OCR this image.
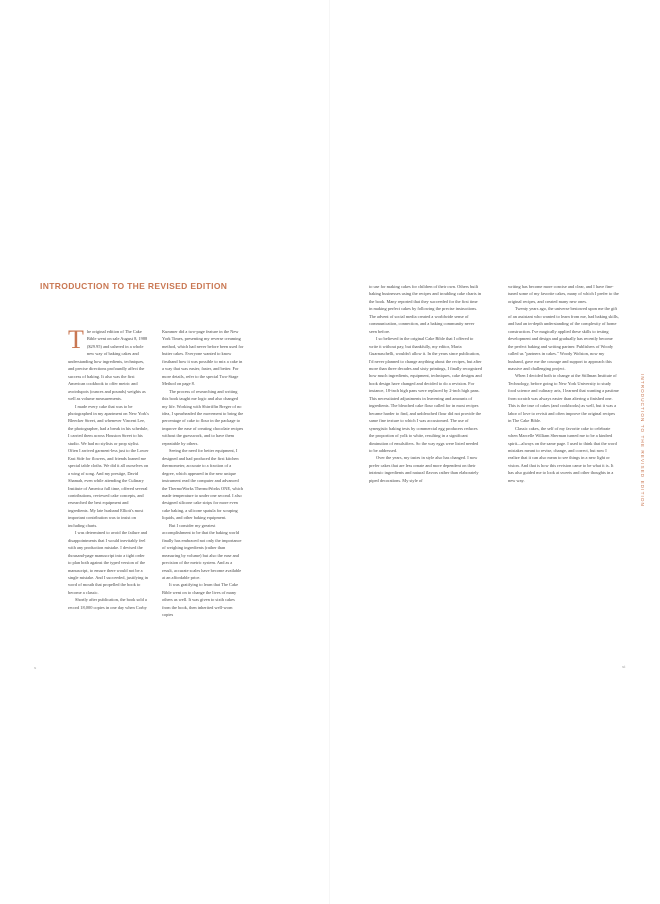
INTRODUCTION TO THE REVISED EDITION
T he original edition of The Cake Bible went on sale August 8, 1988 ($29.95) and ushered in a whole new way of baking cakes and understanding how ingredients, techniques, and precise directions profoundly affect the success of baking. It also was the first American cookbook to offer metric and avoirdupois (ounces and pounds) weights as well as volume measurements.

I made every cake that was to be photographed in my apartment on New York's Bleecker Street, and whenever Vincent Lee, the photographer, had a break in his schedule, I carried them across Houston Street to his studio. We had no stylists or prop stylist. Often I arrived garment-less just to the Lower East Side for flowers, and friends loaned me special table cloths. We did it all ourselves on a wing of song. And my prestige, David Shamah, even while attending the Culinary Institute of America full time, offered several contributions, reviewed cake concepts, and researched the best equipment and ingredients. My late husband Elliott's most important contribution was to insist on including charts.

I was determined to avoid the failure and disappointments that I would inevitably feel with any production mistake. I devised the thousand-page manuscript into a tight order to plan both against the typed version of the manuscript, to ensure there would not be a single mistake. And I succeeded, justifying in word of mouth that propelled the book to become a classic.

Shortly after publication, the book sold a record 18,000 copies in one day when Corby

Kummer did a two-page feature in the New York Times, presenting my reverse creaming method, which had never before been used for butter cakes. Everyone wanted to know firsthand how it was possible to mix a cake in a way that was easier, faster, and better. For more details, refer to the special Two-Stage Method on page 8.

The process of researching and writing this book taught me logic and also changed my life. Working with Shirriffin Breger of no idea, I spearheaded the movement to bring the percentage of cake to flour in the package to improve the ease of creating chocolate recipes without the guesswork, and to have them repeatable by others.

Seeing the need for better equipment, I designed and had produced the first kitchen thermometer, accurate to a fraction of a degree, which appeared in the new unique instrument read the computer and advanced the ThermoWorks ThermoWorks ONE, which made temperature to under one second. I also designed silicone cake strips for more even cake baking, a silicone spatula for scraping liquids, and other baking equipment.

But I consider my greatest accomplishment to be that the baking world finally has embraced not only the importance of weighing ingredients (rather than measuring by volume) but also the ease and precision of the metric system. And as a result, accurate scales have become available at an affordable price.

It was gratifying to learn that The Cake Bible went on to change the lives of many others as well. It was given to sixth cakes from the book, then inherited well-worn copies

to use for making cakes for children of their own. Others built baking businesses using the recipes and troubling cake charts in the book. Many reported that they succeeded for the first time in making perfect cakes by following the precise instructions. The advent of social media created a worldwide sense of communication, connection, and a baking community never seen before.

I so believed in the original Cake Bible that I offered to write it without pay, but thankfully, my editor, Maria Guarnaschelli, wouldn't allow it. In the years since publication, I'd never planned to change anything about the recipes, but after more than three decades and sixty printings, I finally recognized how much ingredients, equipment, techniques, cake designs and book design have changed and decided to do a revision. For instance, 18-inch high pans were replaced by 2-inch high pans. This necessitated adjustments in leavening and amounts of ingredients. The bleached cake flour called for in most recipes became harder to find, and unbleached flour did not provide the same fine texture to which I was accustomed. The use of synergistic baking tests by commercial egg producers reduces the proportion of yolk to white, resulting in a significant diminution of emulsifiers. So the way eggs were listed needed to be addressed.

Over the years, my tastes in style also has changed. I now prefer cakes that are less ornate and more dependent on their intrinsic ingredients and natural flavors rather than elaborately piped decorations. My style of

writing has become more concise and clear, and I have fine-tuned some of my favorite cakes, many of which I prefer to the original recipes, and created many new ones.

Twenty years ago, the universe bestowed upon me the gift of an assistant who wanted to learn from me, had baking skills, and had an in-depth understanding of the complexity of home construction. I've magically applied these skills to testing development and design and gradually has recently become the perfect baking and writing partner. Publishers of Woody called us "partners in cakes." Woody Wolston, now my husband, gave me the courage and support to approach this massive and challenging project.

When I decided both to change at the Stillman Institute of Technology, before going to New York University to study food science and culinary arts, I learned that wanting a pastime from scratch was always easier than altering a finished one. This is the true of cakes (and cookbooks) as well, but it was a labor of love to revisit and often improve the original recipes in The Cake Bible.

Classic cakes, the self of my favorite cake to celebrate when Marcelle William Sherman turned me to be a kindred spirit—always on the same page. I used to think that the word mistakes meant to revise, change, and correct, but now I realize that it can also mean to see things in a new light or vision. And that is how this revision came to be what it is. It has also guided me to look at sweets and other thoughts in a new way.	INTRODUCTION TO THE REVISED EDITION
x	xi
